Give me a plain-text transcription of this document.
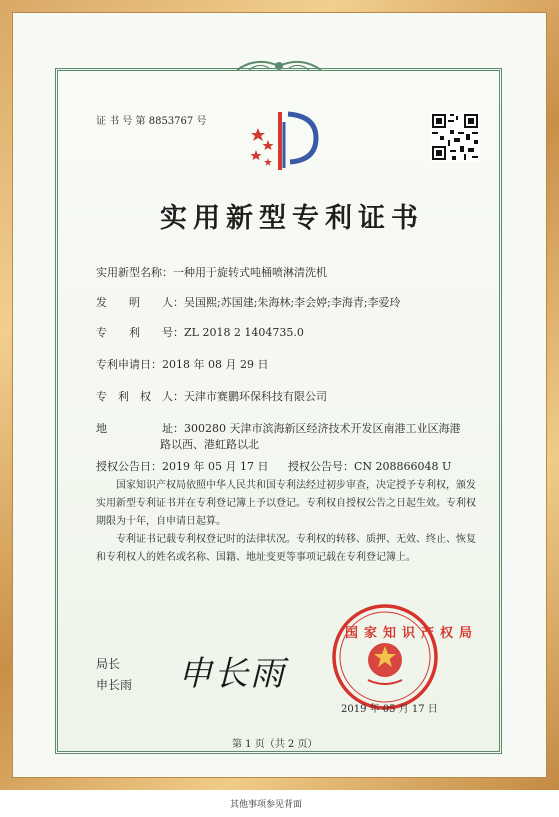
证 书 号 第 8853767 号
实用新型专利证书
实用新型名称：一种用于旋转式吨桶喷淋清洗机
发　　明　　人：吴国熙;苏国建;朱海林;李会婷;李海青;李爱玲
专　　利　　号：ZL 2018 2 1404735.0
专利申请日：2018 年 08 月 29 日
专　利　权　人：天津市赛鹏环保科技有限公司
地　　　　　址：300280 天津市滨海新区经济技术开发区南港工业区海港
路以西、港虹路以北
授权公告日：2019 年 05 月 17 日 授权公告号：CN 208866048 U
国家知识产权局依照中华人民共和国专利法经过初步审查，决定授予专利权，颁发实用新型专利证书并在专利登记簿上予以登记。专利权自授权公告之日起生效。专利权期限为十年，自申请日起算。
专利证书记载专利权登记时的法律状况。专利权的转移、质押、无效、终止、恢复和专利权人的姓名或名称、国籍、地址变更等事项记载在专利登记簿上。
国家知识产权局
2019 年 05 月 17 日
局长
申长雨 申长雨
第 1 页（共 2 页）
其他事项参见背面
